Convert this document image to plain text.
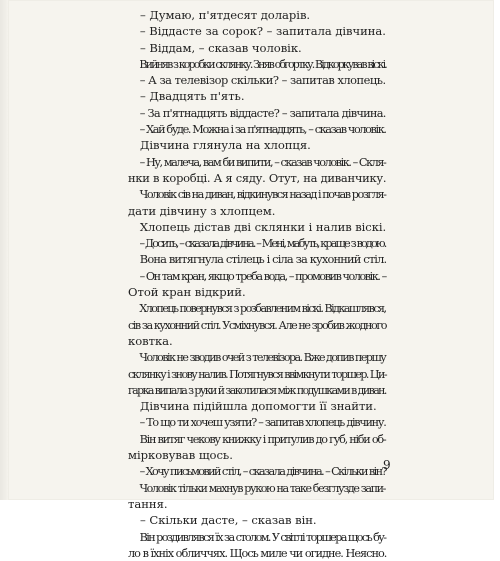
– Думаю, п'ятдесят доларів.
– Віддасте за сорок? – запитала дівчина.
– Віддам, – сказав чоловік.
Вийняв з коробки склянку. Зняв обгортку. Відкоркував віскі.
– А за телевізор скільки? – запитав хлопець.
– Двадцять п'ять.
– За п'ятнадцять віддасте? – запитала дівчина.
– Хай буде. Можна і за п'ятнадцять, – сказав чоловік.
Дівчина глянула на хлопця.
– Ну, малеча, вам би випити, – сказав чоловік. – Скля-
нки в коробці. А я сяду. Отут, на диванчику.
Чоловік сів на диван, відкинувся назад і почав розгля-
дати дівчину з хлопцем.
Хлопець дістав дві склянки і налив віскі.
– Досить, – сказала дівчина. – Мені, мабуть, краще з водою.
Вона витягнула стілець і сіла за кухонний стіл.
– Он там кран, якщо треба вода, – промовив чоловік. –
Отой кран відкрий.
Хлопець повернувся з розбавленим віскі. Відкашлявся,
сів за кухонний стіл. Усміхнувся. Але не зробив жодного
ковтка.
Чоловік не зводив очей з телевізора. Вже допив першу
склянку і знову налив. Потягнувся ввімкнути торшер. Ци-
гарка випала з руки й закотилася між подушками в диван.
Дівчина підійшла допомогти її знайти.
– То що ти хочеш узяти? – запитав хлопець дівчину.
Він витяг чекову книжку і притулив до губ, ніби об-
мірковував щось.
– Хочу письмовий стіл, – сказала дівчина. – Скільки він?
Чоловік тільки махнув рукою на таке безглузде запи-
тання.
– Скільки дасте, – сказав він.
Він роздивлявся їх за столом. У світлі торшера щось бу-
ло в їхніх обличчях. Щось миле чи огидне. Неясно.
9
